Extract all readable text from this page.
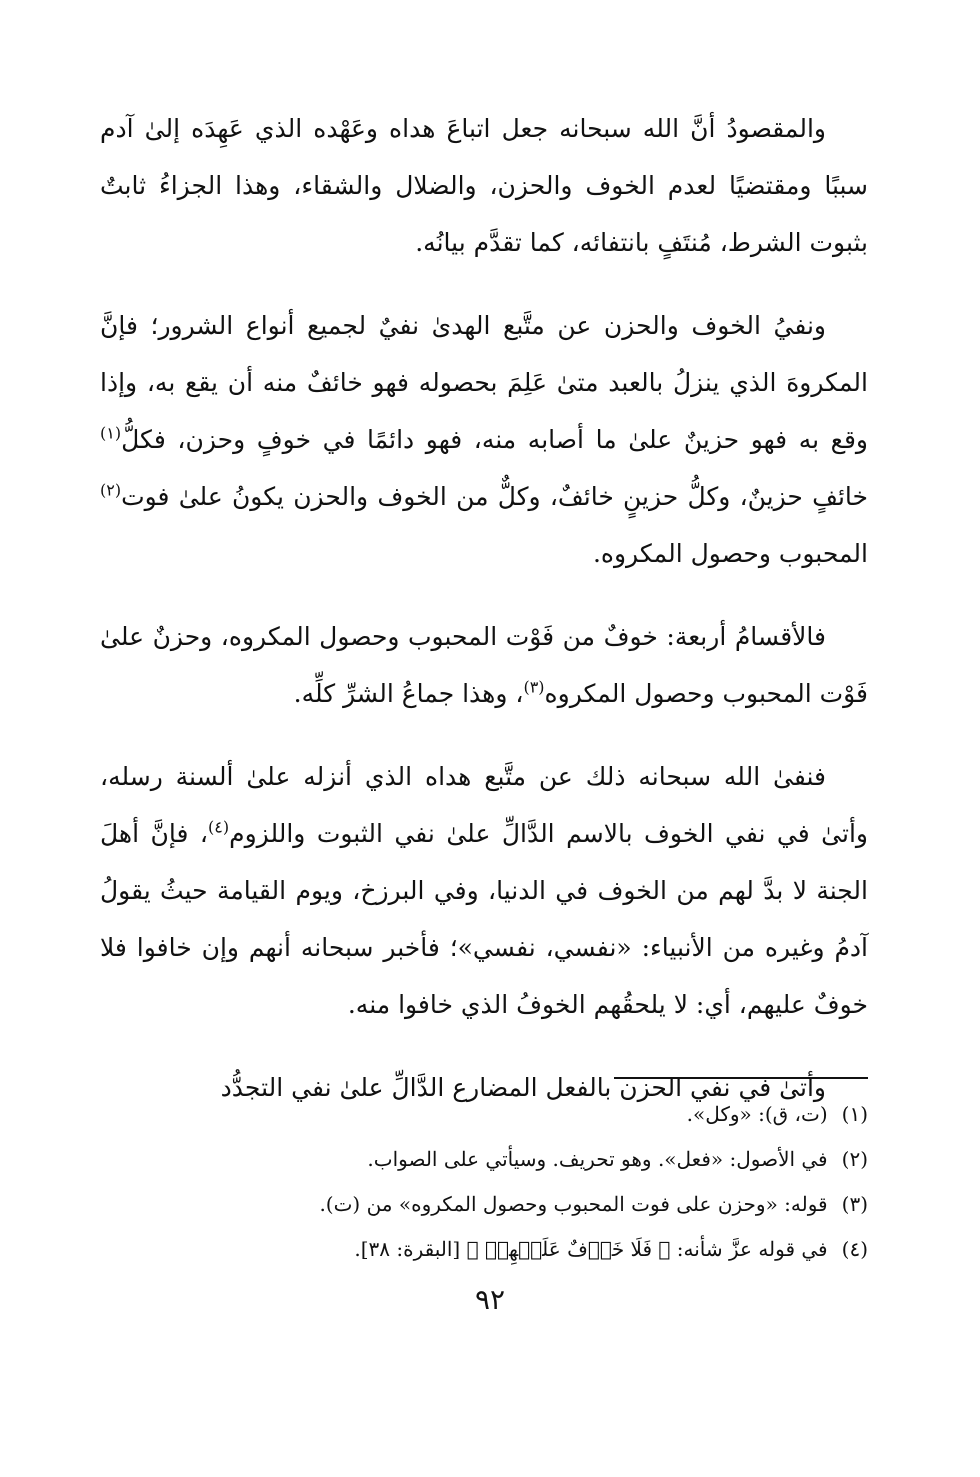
والمقصودُ أنَّ الله سبحانه جعل اتباعَ هداه وعَهْده الذي عَهِدَه إلىٰ آدم سببًا ومقتضيًا لعدم الخوف والحزن، والضلال والشقاء، وهذا الجزاءُ ثابتٌ بثبوت الشرط، مُنتَفٍ بانتفائه، كما تقدَّم بيانُه.

ونفيُ الخوف والحزن عن متَّبع الهدىٰ نفيٌ لجميع أنواع الشرور؛ فإنَّ المكروهَ الذي ينزلُ بالعبد متىٰ عَلِمَ بحصوله فهو خائفٌ منه أن يقع به، وإذا وقع به فهو حزينٌ علىٰ ما أصابه منه، فهو دائمًا في خوفٍ وحزن، فكلُّ$^{(١)}$ خائفٍ حزينٌ، وكلُّ حزينٍ خائفٌ، وكلٌّ من الخوف والحزن يكونُ علىٰ فوت$^{(٢)}$ المحبوب وحصول المكروه.

فالأقسامُ أربعة: خوفٌ من فَوْت المحبوب وحصول المكروه، وحزنٌ علىٰ فَوْت المحبوب وحصول المكروه$^{(٣)}$، وهذا جماعُ الشرِّ كلِّه.

فنفىٰ الله سبحانه ذلك عن متَّبع هداه الذي أنزله علىٰ ألسنة رسله، وأتىٰ في نفي الخوف بالاسم الدَّالِّ علىٰ نفي الثبوت واللزوم$^{(٤)}$، فإنَّ أهلَ الجنة لا بدَّ لهم من الخوف في الدنيا، وفي البرزخ، ويوم القيامة حيثُ يقولُ آدمُ وغيره من الأنبياء: «نفسي، نفسي»؛ فأخبر سبحانه أنهم وإن خافوا فلا خوفٌ عليهم، أي: لا يلحقُهم الخوفُ الذي خافوا منه.

وأتىٰ في نفي الحزن بالفعل المضارع الدَّالِّ علىٰ نفي التجدُّد

(١)(ت، ق): «وكل».
(٢)في الأصول: «فعل». وهو تحريف. وسيأتي على الصواب.
(٣)قوله: «وحزن على فوت المحبوب وحصول المكروه» من (ت).
(٤)في قوله عزَّ شأنه: ﴿ فَلَا خَوۡفٌ عَلَيۡهِمۡ ﴾ [البقرة: ٣٨].
٩٢
